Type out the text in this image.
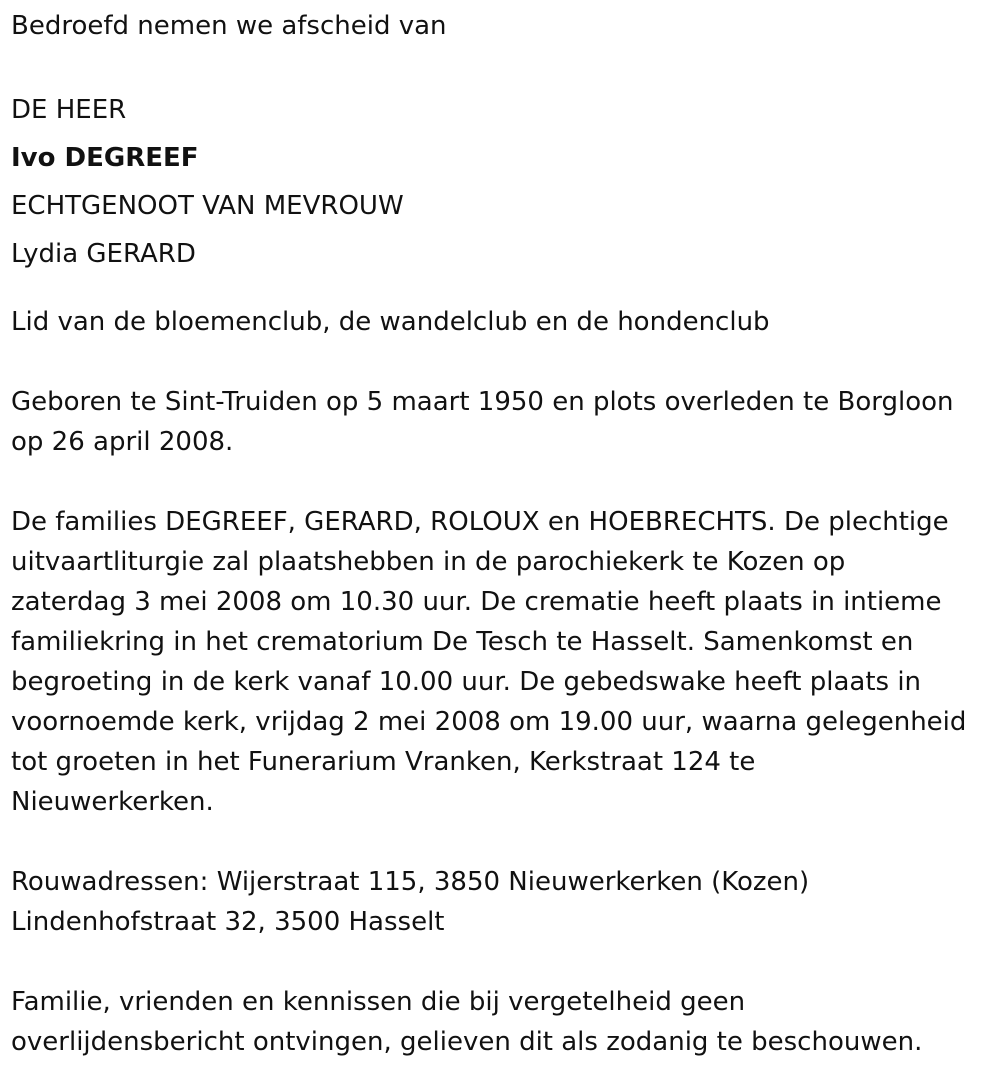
Bedroefd nemen we afscheid van
DE HEER
Ivo DEGREEF
ECHTGENOOT VAN MEVROUW
Lydia GERARD
Lid van de bloemenclub, de wandelclub en de hondenclub
Geboren te Sint-Truiden op 5 maart 1950 en plots overleden te Borgloon
op 26 april 2008.
De families DEGREEF, GERARD, ROLOUX en HOEBRECHTS. De plechtige
uitvaartliturgie zal plaatshebben in de parochiekerk te Kozen op
zaterdag 3 mei 2008 om 10.30 uur. De crematie heeft plaats in intieme
familiekring in het crematorium De Tesch te Hasselt. Samenkomst en
begroeting in de kerk vanaf 10.00 uur. De gebedswake heeft plaats in
voornoemde kerk, vrijdag 2 mei 2008 om 19.00 uur, waarna gelegenheid
tot groeten in het Funerarium Vranken, Kerkstraat 124 te
Nieuwerkerken.
Rouwadressen: Wijerstraat 115, 3850 Nieuwerkerken (Kozen)
Lindenhofstraat 32, 3500 Hasselt
Familie, vrienden en kennissen die bij vergetelheid geen
overlijdensbericht ontvingen, gelieven dit als zodanig te beschouwen.
